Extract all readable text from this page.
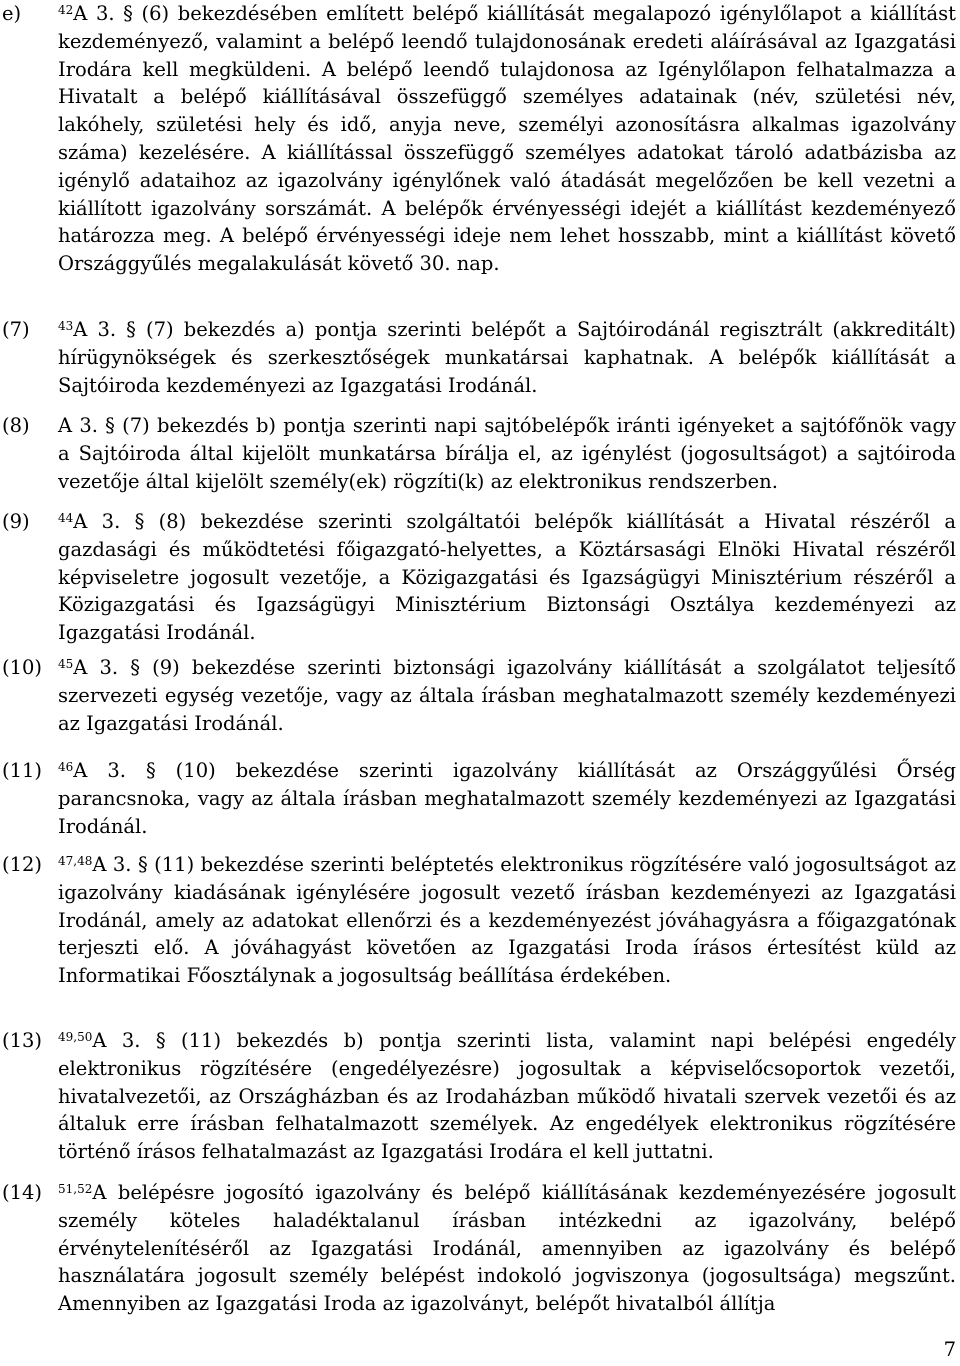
e)	$^{42}$A 3. § (6) bekezdésében említett belépő kiállítását megalapozó igénylőlapot a kiállítást kezdeményező, valamint a belépő leendő tulajdonosának eredeti aláírásával az Igazgatási Irodára kell megküldeni. A belépő leendő tulajdonosa az Igénylőlapon felhatalmazza a Hivatalt a belépő kiállításával összefüggő személyes adatainak (név, születési név, lakóhely, születési hely és idő, anyja neve, személyi azonosításra alkalmas igazolvány száma) kezelésére. A kiállítással összefüggő személyes adatokat tároló adatbázisba az igénylő adataihoz az igazolvány igénylőnek való átadását megelőzően be kell vezetni a kiállított igazolvány sorszámát. A belépők érvényességi idejét a kiállítást kezdeményező határozza meg. A belépő érvényességi ideje nem lehet hosszabb, mint a kiállítást követő Országgyűlés megalakulását követő 30. nap.
(7) $^{43}$A 3. § (7) bekezdés a) pontja szerinti belépőt a Sajtóirodánál regisztrált (akkreditált) hírügynökségek és szerkesztőségek munkatársai kaphatnak. A belépők kiállítását a Sajtóiroda kezdeményezi az Igazgatási Irodánál.
(8) A 3. § (7) bekezdés b) pontja szerinti napi sajtóbelépők iránti igényeket a sajtófőnök vagy a Sajtóiroda által kijelölt munkatársa bírálja el, az igénylést (jogosultságot) a sajtóiroda vezetője által kijelölt személy(ek) rögzíti(k) az elektronikus rendszerben.
(9) $^{44}$A 3. § (8) bekezdése szerinti szolgáltatói belépők kiállítását a Hivatal részéről a gazdasági és működtetési főigazgató-helyettes, a Köztársasági Elnöki Hivatal részéről képviseletre jogosult vezetője, a Közigazgatási és Igazságügyi Minisztérium részéről a Közigazgatási és Igazságügyi Minisztérium Biztonsági Osztálya kezdeményezi az Igazgatási Irodánál.
(10) $^{45}$A 3. § (9) bekezdése szerinti biztonsági igazolvány kiállítását a szolgálatot teljesítő szervezeti egység vezetője, vagy az általa írásban meghatalmazott személy kezdeményezi az Igazgatási Irodánál.
(11) $^{46}$A 3. § (10) bekezdése szerinti igazolvány kiállítását az Országgyűlési Őrség parancsnoka, vagy az általa írásban meghatalmazott személy kezdeményezi az Igazgatási Irodánál.
(12) $^{47,48}$A 3. § (11) bekezdése szerinti beléptetés elektronikus rögzítésére való jogosultságot az igazolvány kiadásának igénylésére jogosult vezető írásban kezdeményezi az Igazgatási Irodánál, amely az adatokat ellenőrzi és a kezdeményezést jóváhagyásra a főigazgatónak terjeszti elő. A jóváhagyást követően az Igazgatási Iroda írásos értesítést küld az Informatikai Főosztálynak a jogosultság beállítása érdekében.
(13) $^{49,50}$A 3. § (11) bekezdés b) pontja szerinti lista, valamint napi belépési engedély elektronikus rögzítésére (engedélyezésre) jogosultak a képviselőcsoportok vezetői, hivatalvezetői, az Országházban és az Irodaházban működő hivatali szervek vezetői és az általuk erre írásban felhatalmazott személyek. Az engedélyek elektronikus rögzítésére történő írásos felhatalmazást az Igazgatási Irodára el kell juttatni.
(14) $^{51,52}$A belépésre jogosító igazolvány és belépő kiállításának kezdeményezésére jogosult személy köteles haladéktalanul írásban intézkedni az igazolvány, belépő érvénytelenítéséről az Igazgatási Irodánál, amennyiben az igazolvány és belépő használatára jogosult személy belépést indokoló jogviszonya (jogosultsága) megszűnt. Amennyiben az Igazgatási Iroda az igazolványt, belépőt hivatalból állítja
7
